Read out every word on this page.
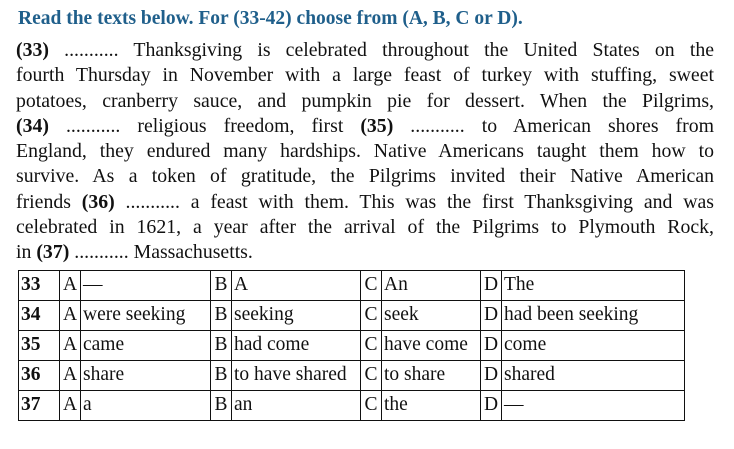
Read the texts below. For (33-42) choose from (A, B, C or D).
(33) ........... Thanksgiving is celebrated throughout the United States on the
fourth Thursday in November with a large feast of turkey with stuffing, sweet
potatoes, cranberry sauce, and pumpkin pie for dessert. When the Pilgrims,
(34) ........... religious freedom, first (35) ........... to American shores from
England, they endured many hardships. Native Americans taught them how to
survive. As a token of gratitude, the Pilgrims invited their Native American
friends (36) ........... a feast with them. This was the first Thanksgiving and was
celebrated in 1621, a year after the arrival of the Pilgrims to Plymouth Rock,
in (37) ........... Massachusetts.
33	A	—	B	A	C	An	D	The
34	A	were seeking	B	seeking	C	seek	D	had been seeking
35	A	came	B	had come	C	have come	D	come
36	A	share	B	to have shared	C	to share	D	shared
37	A	a	B	an	C	the	D	—
